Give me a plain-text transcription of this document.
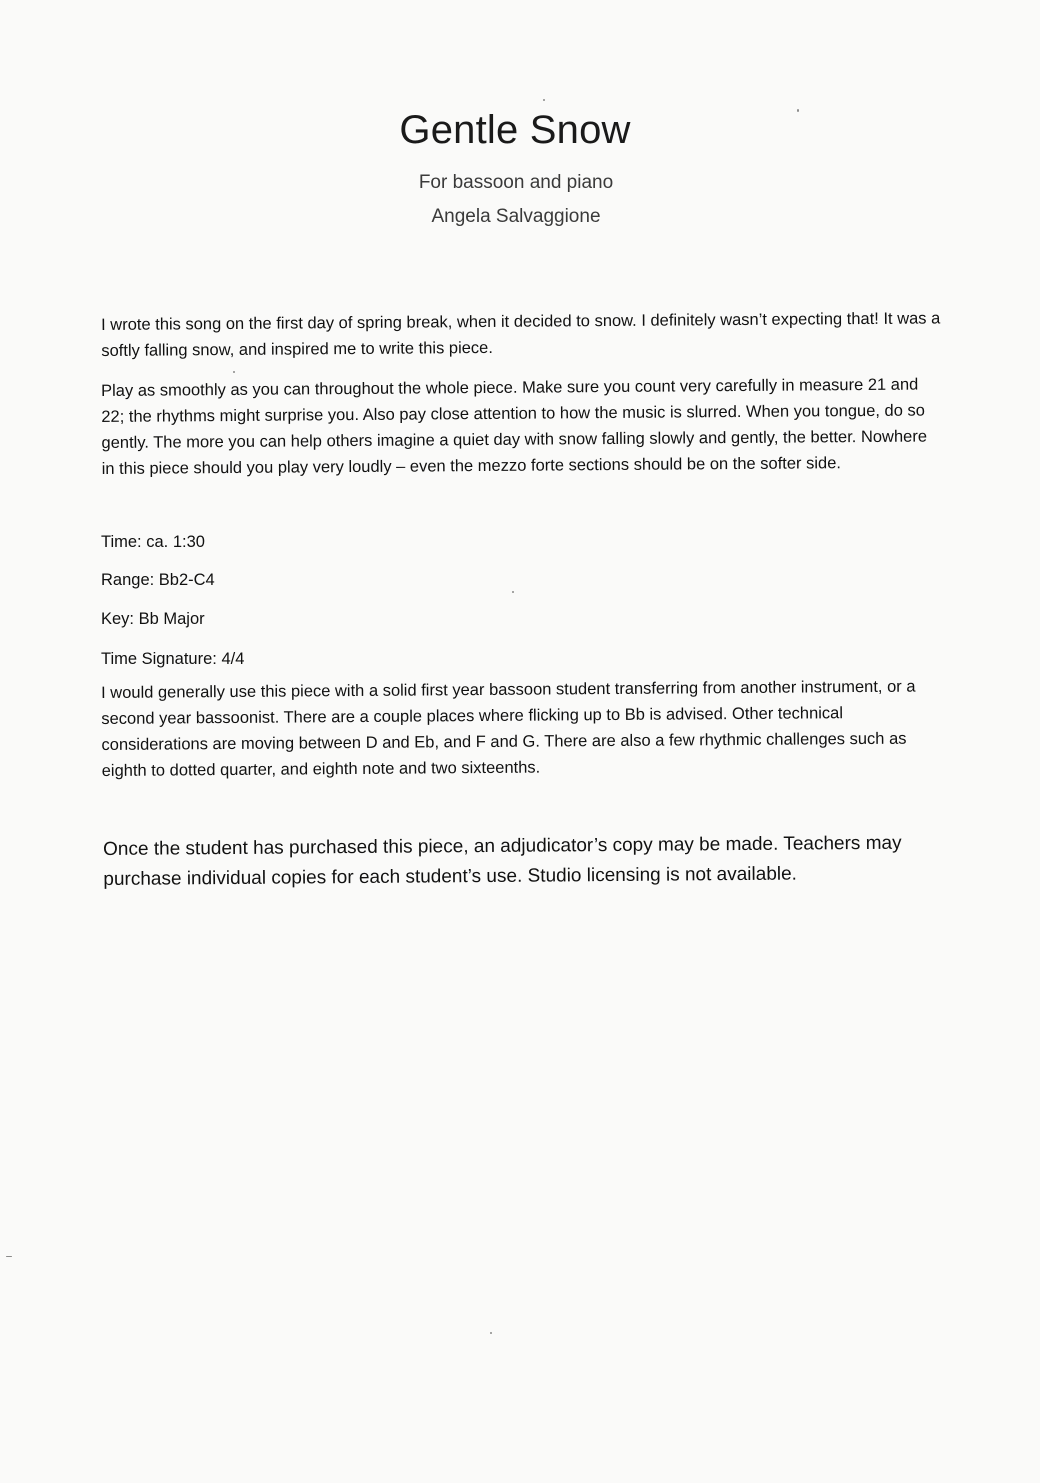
Gentle Snow
For bassoon and piano
Angela Salvaggione

I wrote this song on the first day of spring break, when it decided to snow. I definitely wasn’t expecting that! It was a softly falling snow, and inspired me to write this piece.

Play as smoothly as you can throughout the whole piece. Make sure you count very carefully in measure 21 and 22; the rhythms might surprise you. Also pay close attention to how the music is slurred. When you tongue, do so gently. The more you can help others imagine a quiet day with snow falling slowly and gently, the better. Nowhere in this piece should you play very loudly – even the mezzo forte sections should be on the softer side.

Time: ca. 1:30
Range: Bb2-C4
Key: Bb Major
Time Signature: 4/4

I would generally use this piece with a solid first year bassoon student transferring from another instrument, or a second year bassoonist. There are a couple places where flicking up to Bb is advised. Other technical considerations are moving between D and Eb, and F and G. There are also a few rhythmic challenges such as eighth to dotted quarter, and eighth note and two sixteenths.

Once the student has purchased this piece, an adjudicator’s copy may be made. Teachers may purchase individual copies for each student’s use. Studio licensing is not available.
